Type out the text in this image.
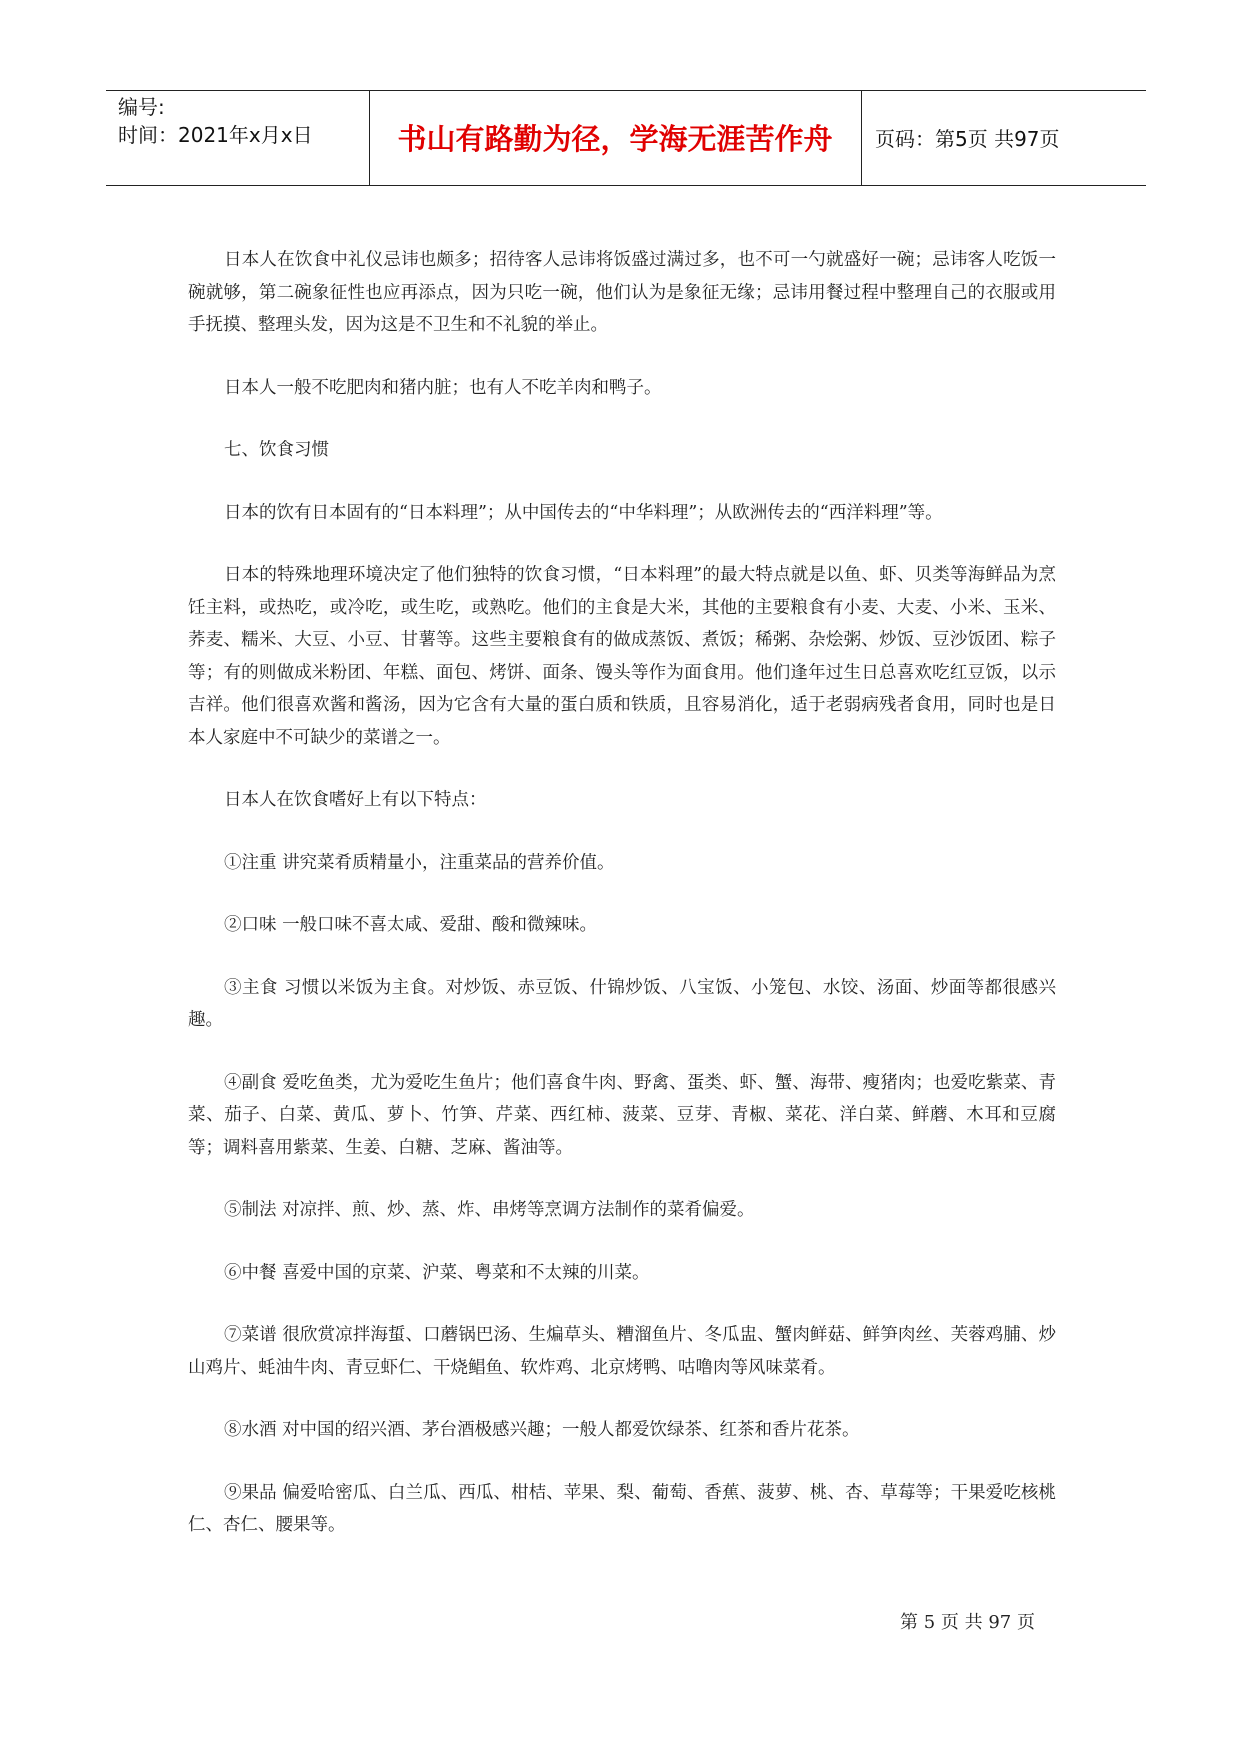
编号:
时间：2021年x月x日	书山有路勤为径，学海无涯苦作舟	页码：第5页 共97页

日本人在饮食中礼仪忌讳也颇多；招待客人忌讳将饭盛过满过多，也不可一勺就盛好一碗；忌讳客人吃饭一碗就够，第二碗象征性也应再添点，因为只吃一碗，他们认为是象征无缘；忌讳用餐过程中整理自己的衣服或用手抚摸、整理头发，因为这是不卫生和不礼貌的举止。

日本人一般不吃肥肉和猪内脏；也有人不吃羊肉和鸭子。

七、饮食习惯

日本的饮有日本固有的“日本料理”；从中国传去的“中华料理”；从欧洲传去的“西洋料理”等。

日本的特殊地理环境决定了他们独特的饮食习惯，“日本料理”的最大特点就是以鱼、虾、贝类等海鲜品为烹饪主料，或热吃，或冷吃，或生吃，或熟吃。他们的主食是大米，其他的主要粮食有小麦、大麦、小米、玉米、荞麦、糯米、大豆、小豆、甘薯等。这些主要粮食有的做成蒸饭、煮饭；稀粥、杂烩粥、炒饭、豆沙饭团、粽子等；有的则做成米粉团、年糕、面包、烤饼、面条、馒头等作为面食用。他们逢年过生日总喜欢吃红豆饭，以示吉祥。他们很喜欢酱和酱汤，因为它含有大量的蛋白质和铁质，且容易消化，适于老弱病残者食用，同时也是日本人家庭中不可缺少的菜谱之一。

日本人在饮食嗜好上有以下特点：

①注重 讲究菜肴质精量小，注重菜品的营养价值。

②口味 一般口味不喜太咸、爱甜、酸和微辣味。

③主食 习惯以米饭为主食。对炒饭、赤豆饭、什锦炒饭、八宝饭、小笼包、水饺、汤面、炒面等都很感兴趣。

④副食 爱吃鱼类，尤为爱吃生鱼片；他们喜食牛肉、野禽、蛋类、虾、蟹、海带、瘦猪肉；也爱吃紫菜、青菜、茄子、白菜、黄瓜、萝卜、竹笋、芹菜、西红柿、菠菜、豆芽、青椒、菜花、洋白菜、鲜蘑、木耳和豆腐等；调料喜用紫菜、生姜、白糖、芝麻、酱油等。

⑤制法 对凉拌、煎、炒、蒸、炸、串烤等烹调方法制作的菜肴偏爱。

⑥中餐 喜爱中国的京菜、沪菜、粤菜和不太辣的川菜。

⑦菜谱 很欣赏凉拌海蜇、口蘑锅巴汤、生煸草头、糟溜鱼片、冬瓜盅、蟹肉鲜菇、鲜笋肉丝、芙蓉鸡脯、炒山鸡片、蚝油牛肉、青豆虾仁、干烧鲳鱼、软炸鸡、北京烤鸭、咕噜肉等风味菜肴。

⑧水酒 对中国的绍兴酒、茅台酒极感兴趣；一般人都爱饮绿茶、红茶和香片花茶。

⑨果品 偏爱哈密瓜、白兰瓜、西瓜、柑桔、苹果、梨、葡萄、香蕉、菠萝、桃、杏、草莓等；干果爱吃核桃仁、杏仁、腰果等。

第 5 页 共 97 页
